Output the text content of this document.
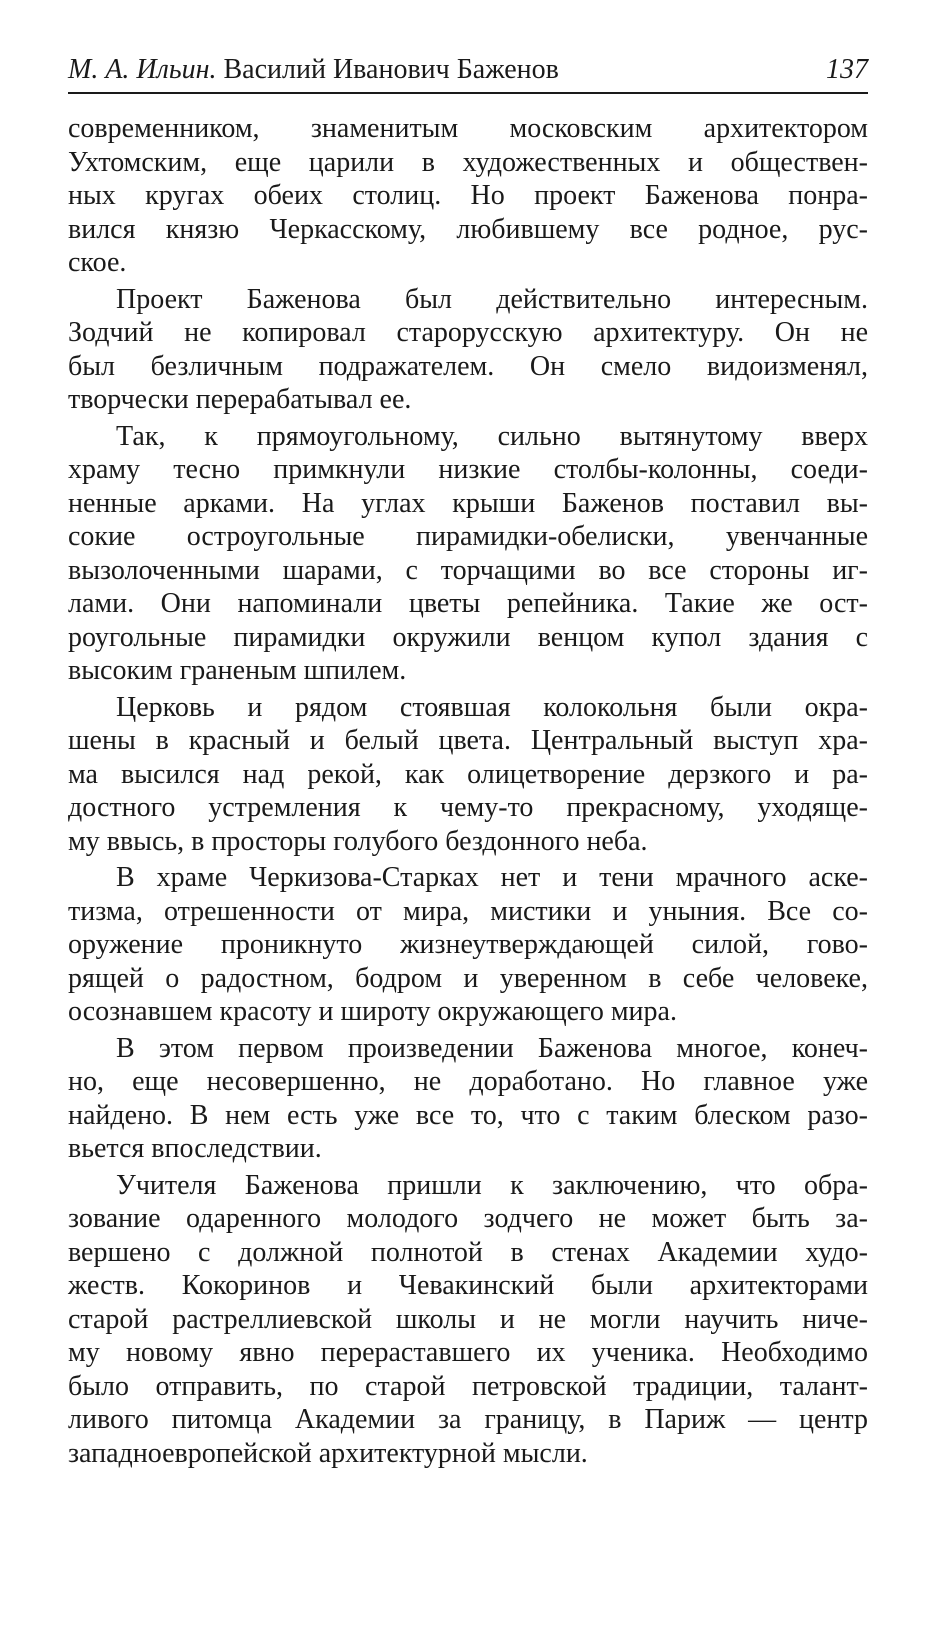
М. А. Ильин. Василий Иванович Баженов	137
современником, знаменитым московским архитектором
Ухтомским, еще царили в художественных и обществен-
ных кругах обеих столиц. Но проект Баженова понра-
вился князю Черкасскому, любившему все родное, рус-
ское.
Проект Баженова был действительно интересным.
Зодчий не копировал старорусскую архитектуру. Он не
был безличным подражателем. Он смело видоизменял,
творчески перерабатывал ее.
Так, к прямоугольному, сильно вытянутому вверх
храму тесно примкнули низкие столбы-колонны, соеди-
ненные арками. На углах крыши Баженов поставил вы-
сокие остроугольные пирамидки-обелиски, увенчанные
вызолоченными шарами, с торчащими во все стороны иг-
лами. Они напоминали цветы репейника. Такие же ост-
роугольные пирамидки окружили венцом купол здания с
высоким граненым шпилем.
Церковь и рядом стоявшая колокольня были окра-
шены в красный и белый цвета. Центральный выступ хра-
ма высился над рекой, как олицетворение дерзкого и ра-
достного устремления к чему-то прекрасному, уходяще-
му ввысь, в просторы голубого бездонного неба.
В храме Черкизова-Старках нет и тени мрачного аске-
тизма, отрешенности от мира, мистики и уныния. Все со-
оружение проникнуто жизнеутверждающей силой, гово-
рящей о радостном, бодром и уверенном в себе человеке,
осознавшем красоту и широту окружающего мира.
В этом первом произведении Баженова многое, конеч-
но, еще несовершенно, не доработано. Но главное уже
найдено. В нем есть уже все то, что с таким блеском разо-
вьется впоследствии.
Учителя Баженова пришли к заключению, что обра-
зование одаренного молодого зодчего не может быть за-
вершено с должной полнотой в стенах Академии худо-
жеств. Кокоринов и Чевакинский были архитекторами
старой растреллиевской школы и не могли научить ниче-
му новому явно перераставшего их ученика. Необходимо
было отправить, по старой петровской традиции, талант-
ливого питомца Академии за границу, в Париж — центр
западноевропейской архитектурной мысли.
